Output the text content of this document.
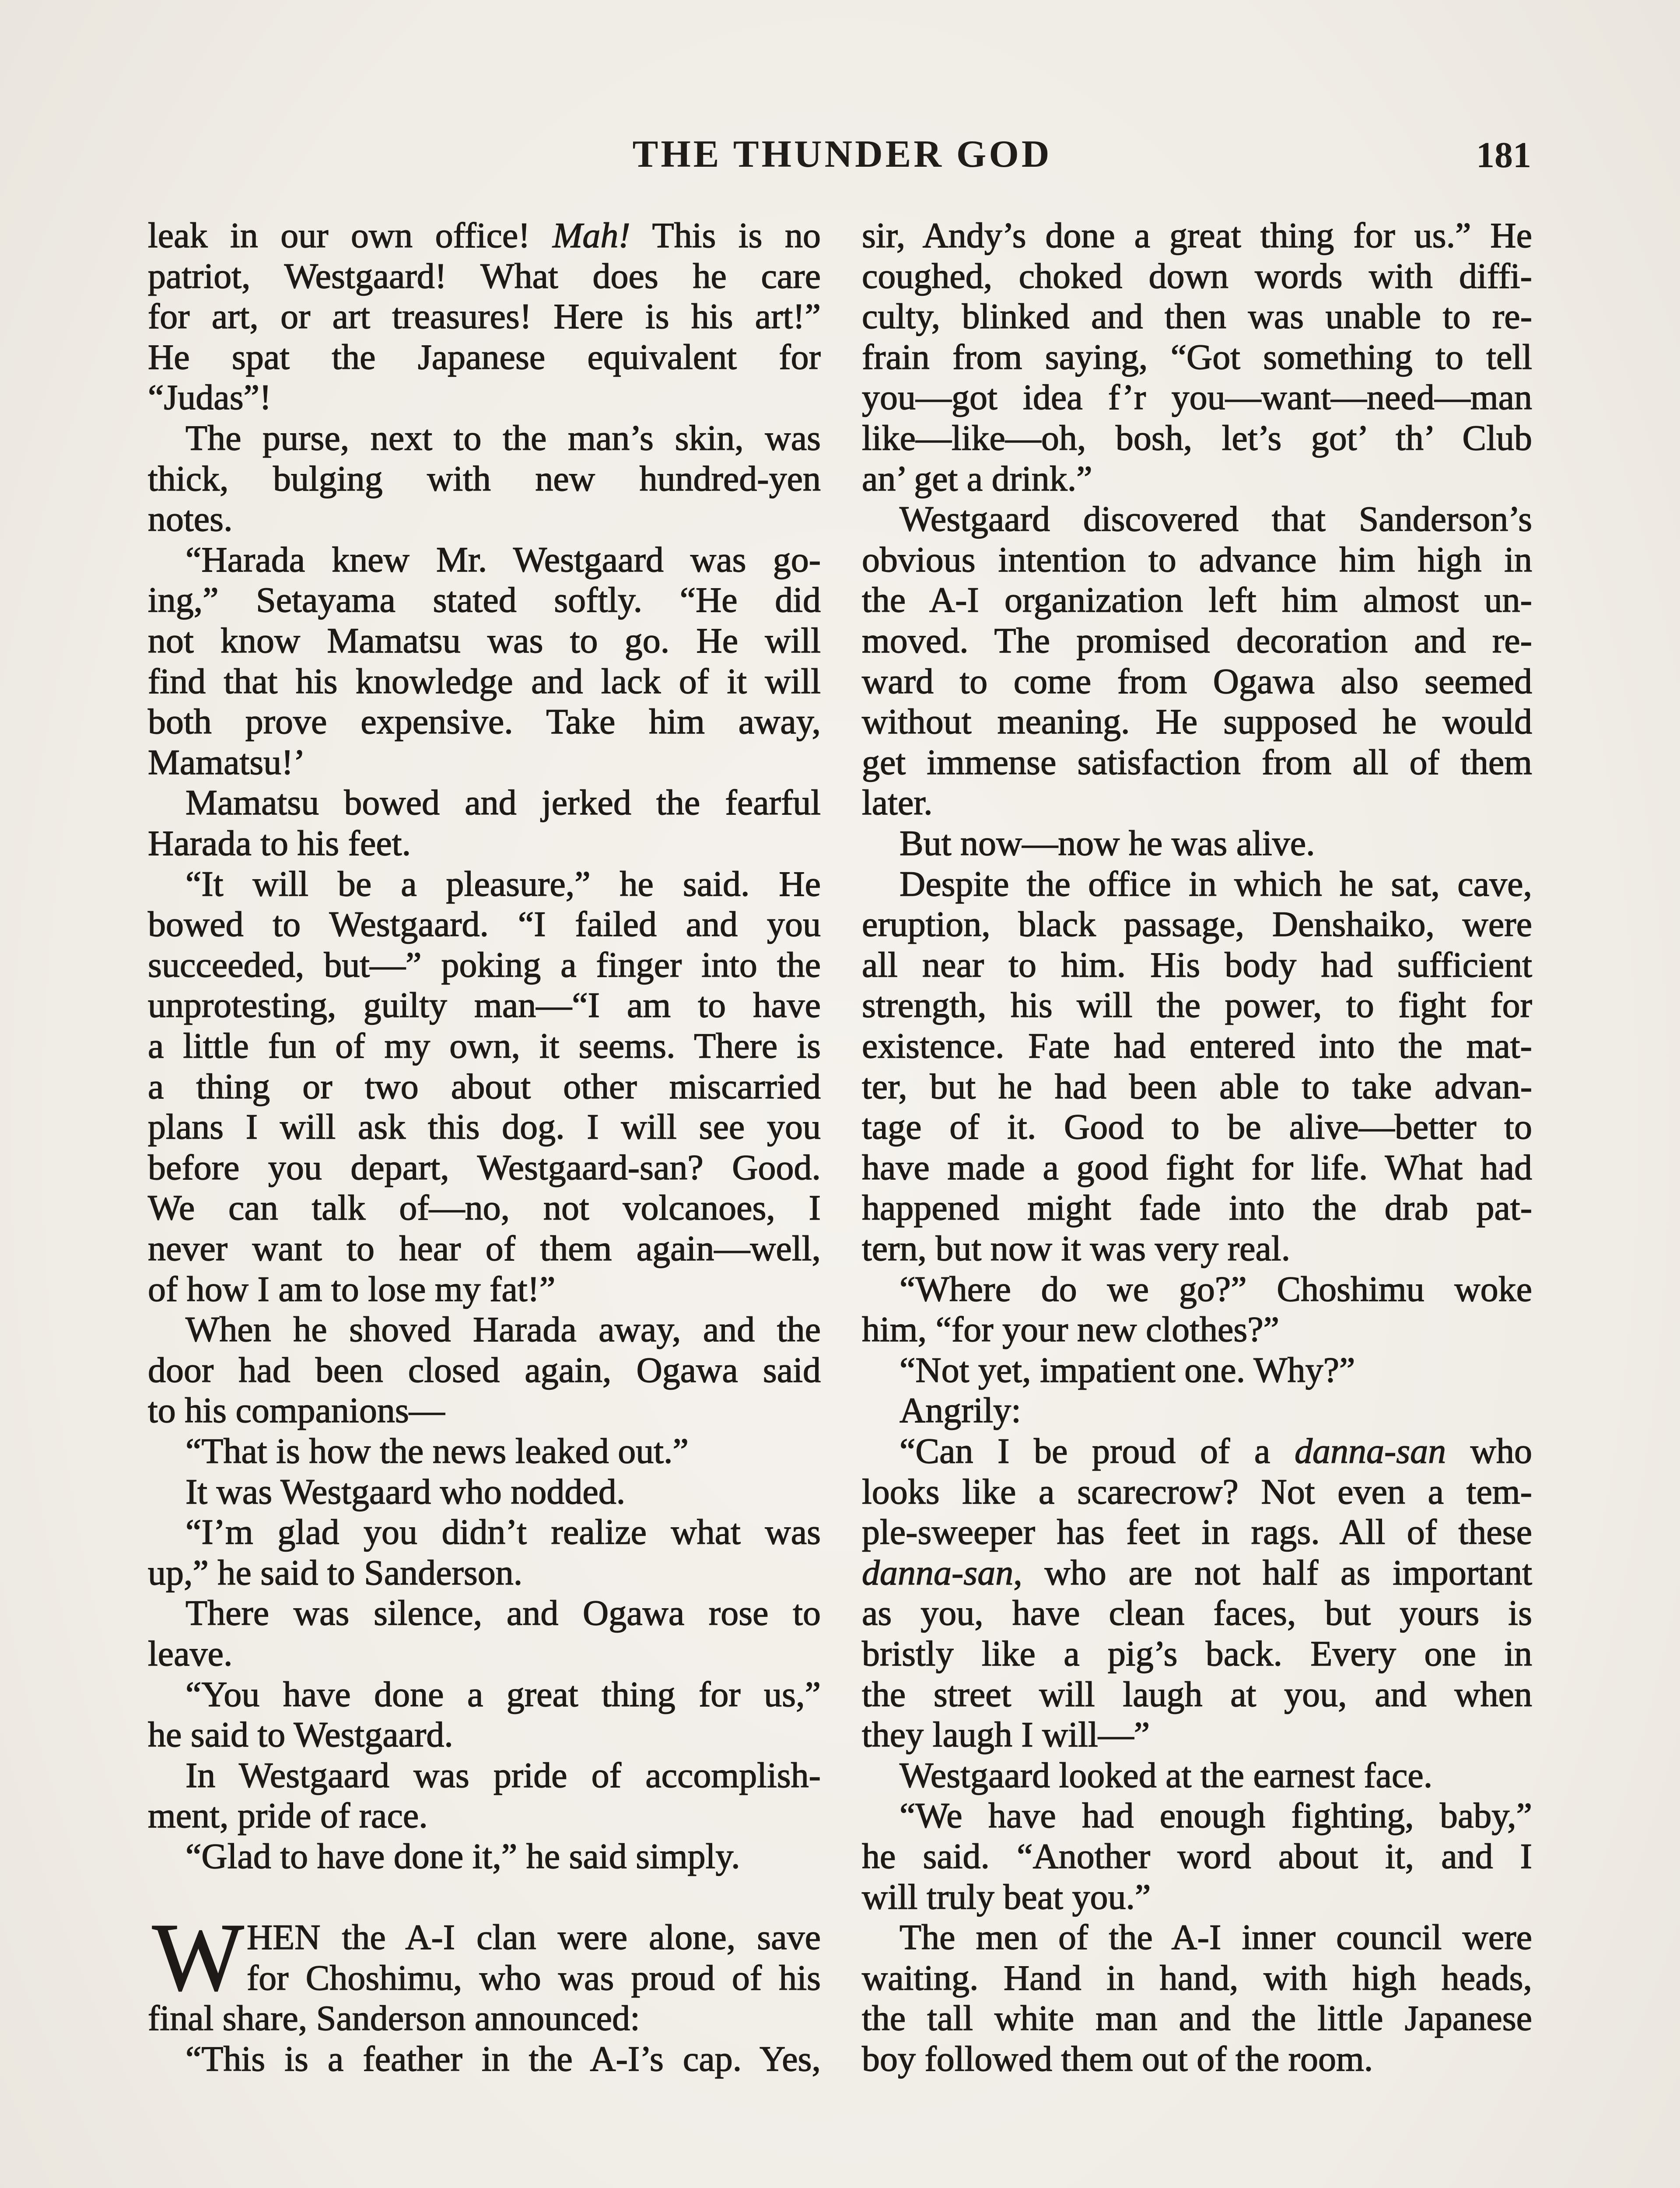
THE THUNDER GOD	181
leak in our own office! Mah! This is no
patriot, Westgaard! What does he care
for art, or art treasures! Here is his art!”
He spat the Japanese equivalent for
“Judas”!
The purse, next to the man’s skin, was
thick, bulging with new hundred-yen
notes.
“Harada knew Mr. Westgaard was go-
ing,” Setayama stated softly. “He did
not know Mamatsu was to go. He will
find that his knowledge and lack of it will
both prove expensive. Take him away,
Mamatsu!’
Mamatsu bowed and jerked the fearful
Harada to his feet.
“It will be a pleasure,” he said. He
bowed to Westgaard. “I failed and you
succeeded, but—” poking a finger into the
unprotesting, guilty man—“I am to have
a little fun of my own, it seems. There is
a thing or two about other miscarried
plans I will ask this dog. I will see you
before you depart, Westgaard-san? Good.
We can talk of—no, not volcanoes, I
never want to hear of them again—well,
of how I am to lose my fat!”
When he shoved Harada away, and the
door had been closed again, Ogawa said
to his companions—
“That is how the news leaked out.”
It was Westgaard who nodded.
“I’m glad you didn’t realize what was
up,” he said to Sanderson.
There was silence, and Ogawa rose to
leave.
“You have done a great thing for us,”
he said to Westgaard.
In Westgaard was pride of accomplish-
ment, pride of race.
“Glad to have done it,” he said simply.
W HEN the A-I clan were alone, save
for Choshimu, who was proud of his
final share, Sanderson announced:
“This is a feather in the A-I’s cap. Yes,
sir, Andy’s done a great thing for us.” He
coughed, choked down words with diffi-
culty, blinked and then was unable to re-
frain from saying, “Got something to tell
you—got idea f’r you—want—need—man
like—like—oh, bosh, let’s got’ th’ Club
an’ get a drink.”
Westgaard discovered that Sanderson’s
obvious intention to advance him high in
the A-I organization left him almost un-
moved. The promised decoration and re-
ward to come from Ogawa also seemed
without meaning. He supposed he would
get immense satisfaction from all of them
later.
But now—now he was alive.
Despite the office in which he sat, cave,
eruption, black passage, Denshaiko, were
all near to him. His body had sufficient
strength, his will the power, to fight for
existence. Fate had entered into the mat-
ter, but he had been able to take advan-
tage of it. Good to be alive—better to
have made a good fight for life. What had
happened might fade into the drab pat-
tern, but now it was very real.
“Where do we go?” Choshimu woke
him, “for your new clothes?”
“Not yet, impatient one. Why?”
Angrily:
“Can I be proud of a danna-san who
looks like a scarecrow? Not even a tem-
ple-sweeper has feet in rags. All of these
danna-san, who are not half as important
as you, have clean faces, but yours is
bristly like a pig’s back. Every one in
the street will laugh at you, and when
they laugh I will—”
Westgaard looked at the earnest face.
“We have had enough fighting, baby,”
he said. “Another word about it, and I
will truly beat you.”
The men of the A-I inner council were
waiting. Hand in hand, with high heads,
the tall white man and the little Japanese
boy followed them out of the room.
